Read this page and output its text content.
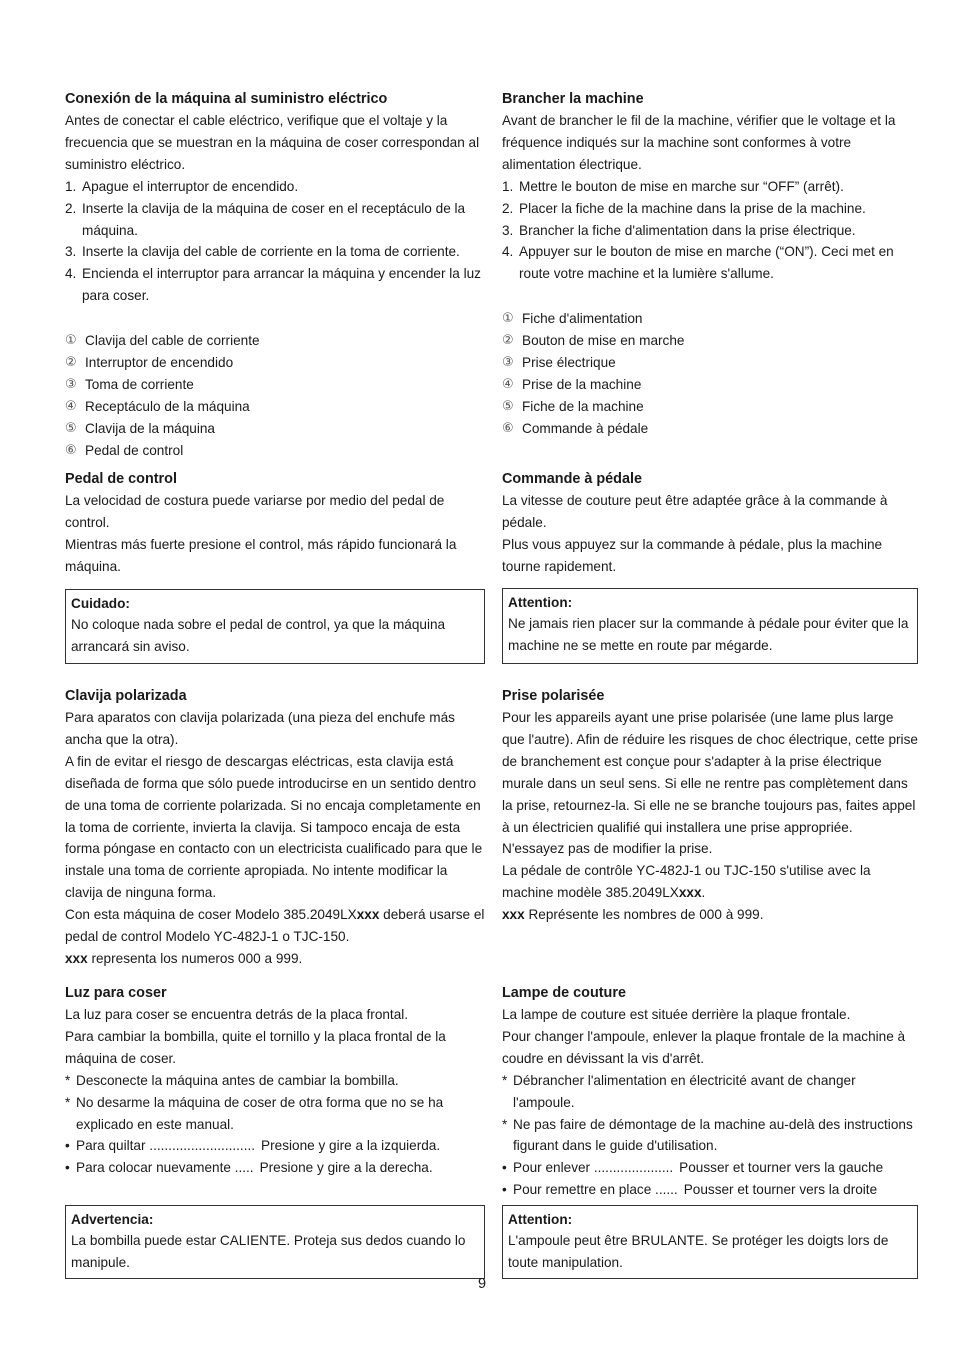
Conexión de la máquina al suministro eléctrico

Antes de conectar el cable eléctrico, verifique que el voltaje y la frecuencia que se muestran en la máquina de coser correspondan al suministro eléctrico.

1. Apague el interruptor de encendido.
2. Inserte la clavija de la máquina de coser en el receptáculo de la máquina.
3. Inserte la clavija del cable de corriente en la toma de corriente.
4. Encienda el interruptor para arrancar la máquina y encender la luz para coser.
① Clavija del cable de corriente
② Interruptor de encendido
③ Toma de corriente
④ Receptáculo de la máquina
⑤ Clavija de la máquina
⑥ Pedal de control
Pedal de control

La velocidad de costura puede variarse por medio del pedal de control.

Mientras más fuerte presione el control, más rápido funcionará la máquina.

Cuidado:
No coloque nada sobre el pedal de control, ya que la máquina arrancará sin aviso.
Clavija polarizada

Para aparatos con clavija polarizada (una pieza del enchufe más ancha que la otra).

A fin de evitar el riesgo de descargas eléctricas, esta clavija está diseñada de forma que sólo puede introducirse en un sentido dentro de una toma de corriente polarizada. Si no encaja completamente en la toma de corriente, invierta la clavija. Si tampoco encaja de esta forma póngase en contacto con un electricista cualificado para que le instale una toma de corriente apropiada. No intente modificar la clavija de ninguna forma.

Con esta máquina de coser Modelo 385.2049LXxxx deberá usarse el pedal de control Modelo YC-482J-1 o TJC-150.

xxx representa los numeros 000 a 999.

Luz para coser

La luz para coser se encuentra detrás de la placa frontal.

Para cambiar la bombilla, quite el tornillo y la placa frontal de la máquina de coser.

* Desconecte la máquina antes de cambiar la bombilla.
* No desarme la máquina de coser de otra forma que no se ha explicado en este manual.
• Para quiltar ............................ Presione y gire a la izquierda.
• Para colocar nuevamente ..... Presione y gire a la derecha.
Advertencia:
La bombilla puede estar CALIENTE. Proteja sus dedos cuando lo manipule.
Brancher la machine

Avant de brancher le fil de la machine, vérifier que le voltage et la fréquence indiqués sur la machine sont conformes à votre alimentation électrique.

1. Mettre le bouton de mise en marche sur “OFF” (arrêt).
2. Placer la fiche de la machine dans la prise de la machine.
3. Brancher la fiche d'alimentation dans la prise électrique.
4. Appuyer sur le bouton de mise en marche (“ON”). Ceci met en route votre machine et la lumière s'allume.
① Fiche d'alimentation
② Bouton de mise en marche
③ Prise électrique
④ Prise de la machine
⑤ Fiche de la machine
⑥ Commande à pédale
Commande à pédale

La vitesse de couture peut être adaptée grâce à la commande à pédale.

Plus vous appuyez sur la commande à pédale, plus la machine tourne rapidement.

Attention:
Ne jamais rien placer sur la commande à pédale pour éviter que la machine ne se mette en route par mégarde.
Prise polarisée

Pour les appareils ayant une prise polarisée (une lame plus large que l'autre). Afin de réduire les risques de choc électrique, cette prise de branchement est conçue pour s'adapter à la prise électrique murale dans un seul sens. Si elle ne rentre pas complètement dans la prise, retournez-la. Si elle ne se branche toujours pas, faites appel à un électricien qualifié qui installera une prise appropriée. N'essayez pas de modifier la prise.

La pédale de contrôle YC-482J-1 ou TJC-150 s'utilise avec la machine modèle 385.2049LXxxx.

xxx Représente les nombres de 000 à 999.

Lampe de couture

La lampe de couture est située derrière la plaque frontale.

Pour changer l'ampoule, enlever la plaque frontale de la machine à coudre en dévissant la vis d'arrêt.

* Débrancher l'alimentation en électricité avant de changer l'ampoule.
* Ne pas faire de démontage de la machine au-delà des instructions figurant dans le guide d'utilisation.
• Pour enlever ..................... Pousser et tourner vers la gauche
• Pour remettre en place ...... Pousser et tourner vers la droite
Attention:
L'ampoule peut être BRULANTE. Se protéger les doigts lors de toute manipulation.
9
